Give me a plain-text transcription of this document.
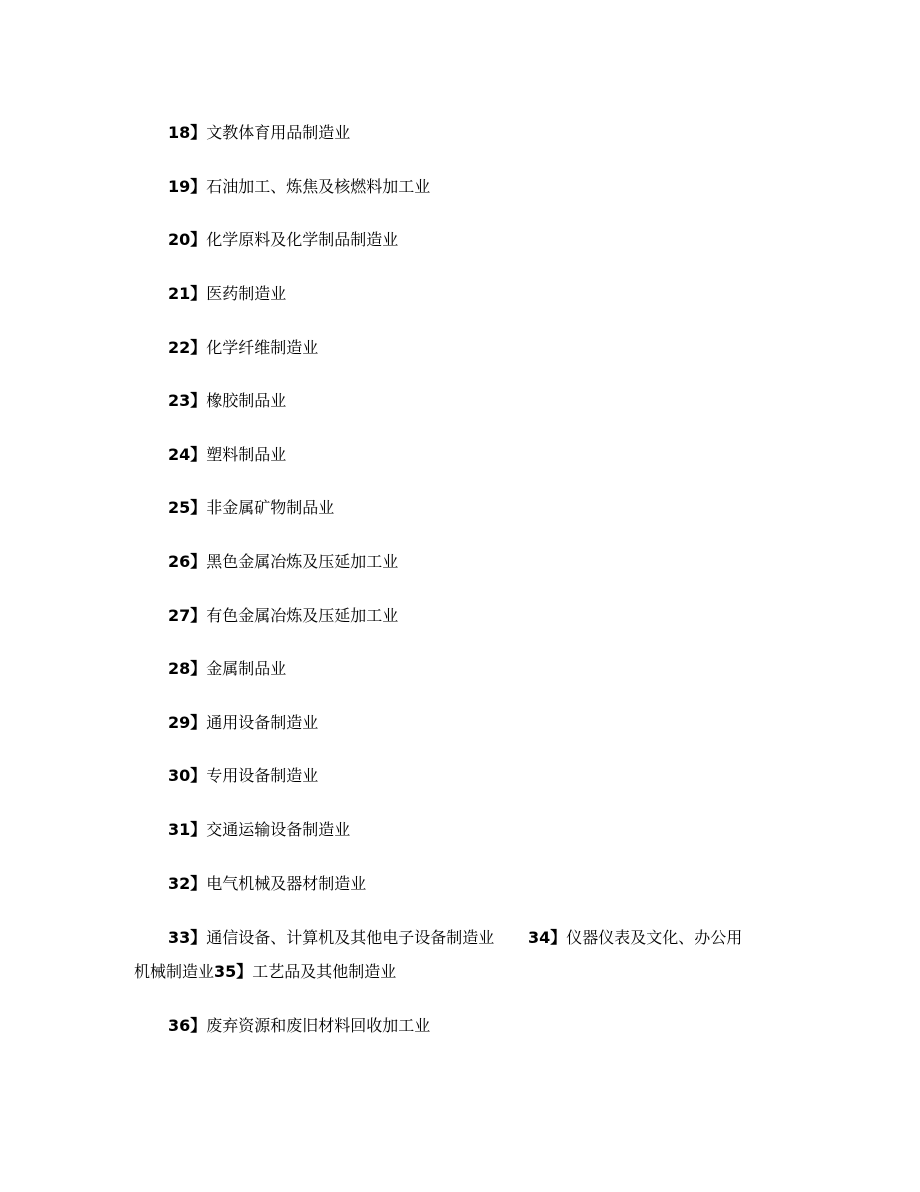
18】文教体育用品制造业
19】石油加工、炼焦及核燃料加工业
20】化学原料及化学制品制造业
21】医药制造业
22】化学纤维制造业
23】橡胶制品业
24】塑料制品业
25】非金属矿物制品业
26】黑色金属冶炼及压延加工业
27】有色金属冶炼及压延加工业
28】金属制品业
29】通用设备制造业
30】专用设备制造业
31】交通运输设备制造业
32】电气机械及器材制造业
33】通信设备、计算机及其他电子设备制造业 34】仪器仪表及文化、办公用
机械制造业35】工艺品及其他制造业
36】废弃资源和废旧材料回收加工业
